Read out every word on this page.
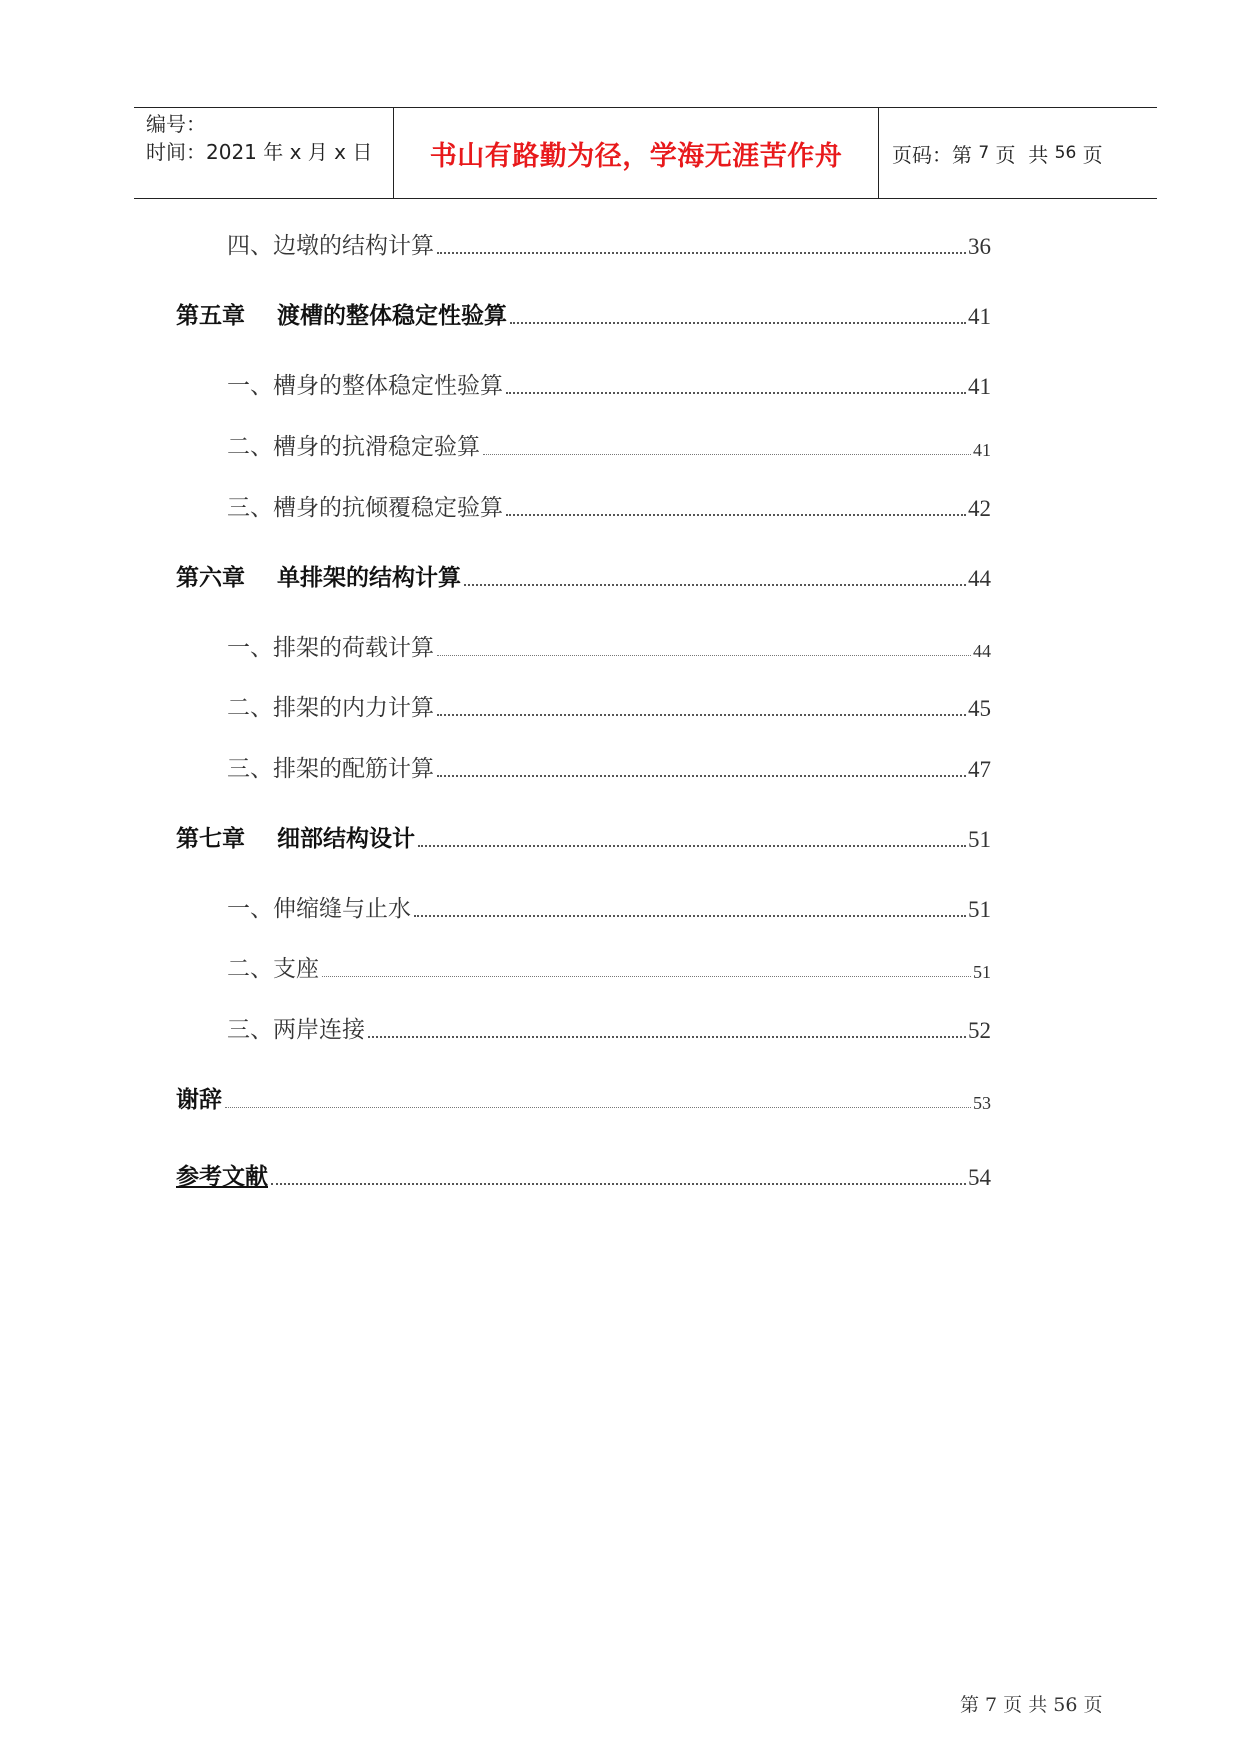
编号：
时间：2021 年 x 月 x 日	书山有路勤为径，学海无涯苦作舟	页码：第 7 页  共 56 页
四、边墩的结构计算	36
第五章    渡槽的整体稳定性验算	41
一、槽身的整体稳定性验算	41
二、槽身的抗滑稳定验算	41
三、槽身的抗倾覆稳定验算	42
第六章    单排架的结构计算	44
一、排架的荷载计算	44
二、排架的内力计算	45
三、排架的配筋计算	47
第七章    细部结构设计	51
一、伸缩缝与止水	51
二、支座	51
三、两岸连接	52
谢辞	53
参考文献	54
第 7 页 共 56 页
